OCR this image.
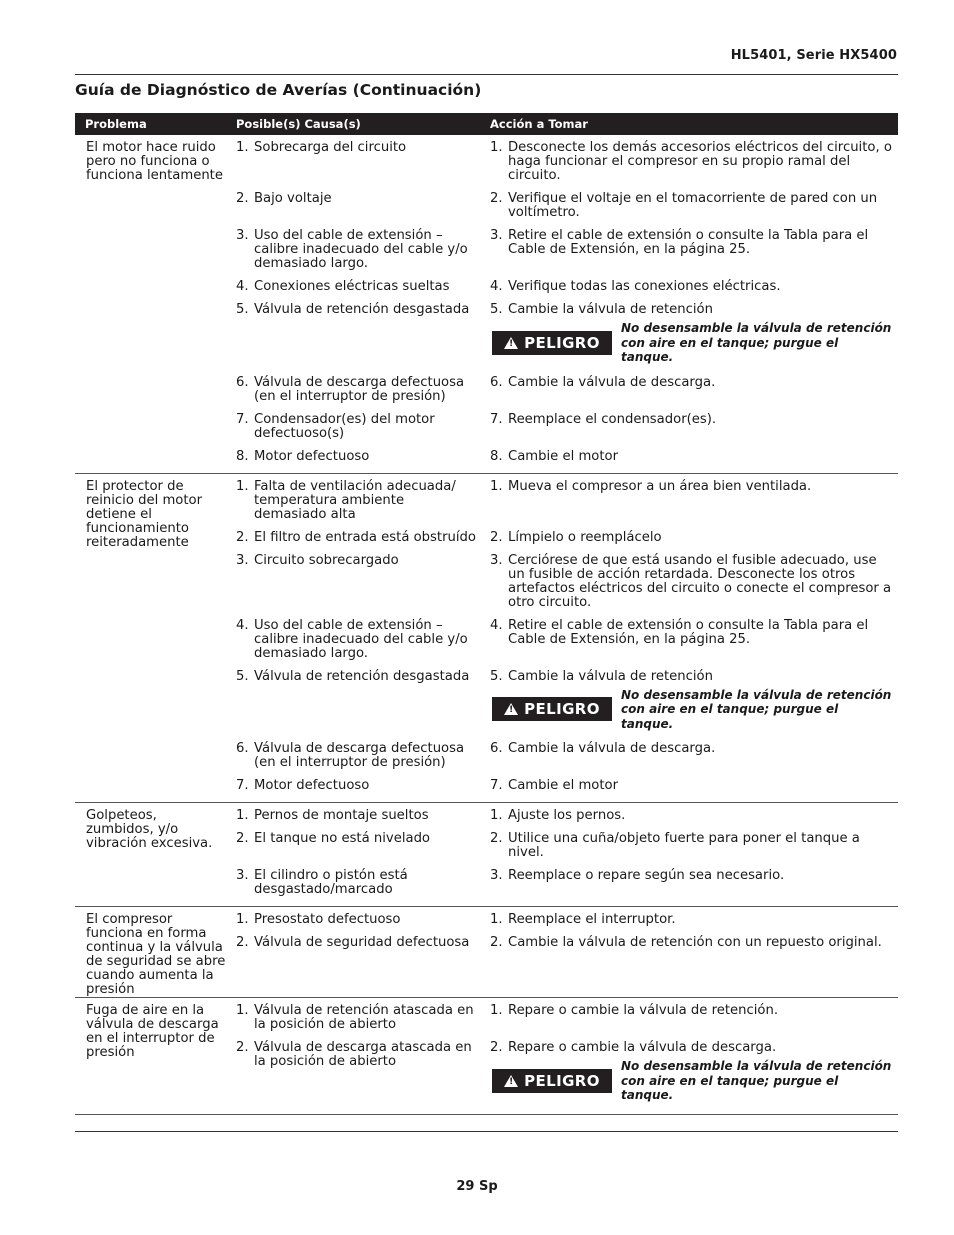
HL5401, Serie HX5400
Guía de Diagnóstico de Averías (Continuación)
Problema	Posible(s) Causa(s)	Acción a Tomar
El motor hace ruido pero no funciona o funciona lentamente
1. Sobrecarga del circuito	1. Desconecte los demás accesorios eléctricos del circuito, o haga funcionar el compresor en su propio ramal del circuito.
2. Bajo voltaje	2. Verifique el voltaje en el tomacorriente de pared con un voltímetro.
3. Uso del cable de extensión – calibre inadecuado del cable y/o demasiado largo.
3. Retire el cable de extensión o consulte la Tabla para el Cable de Extensión, en la página 25.
4. Conexiones eléctricas sueltas	4. Verifique todas las conexiones eléctricas.
5. Válvula de retención desgastada	5. Cambie la válvula de retención
! PELIGRO
No desensamble la válvula de retención
con aire en el tanque; purgue el tanque.
6. Válvula de descarga defectuosa (en el interruptor de presión)
6. Cambie la válvula de descarga.
7. Condensador(es) del motor defectuoso(s)
7. Reemplace el condensador(es).
8. Motor defectuoso	8. Cambie el motor
El protector de reinicio del motor detiene el funcionamiento reiteradamente
1. Falta de ventilación adecuada/ temperatura ambiente demasiado alta
1. Mueva el compresor a un área bien ventilada.
2. El filtro de entrada está obstruído	2. Límpielo o reemplácelo
3. Circuito sobrecargado	3. Cerciórese de que está usando el fusible adecuado, use un fusible de acción retardada. Desconecte los otros artefactos eléctricos del circuito o conecte el compresor a otro circuito.
4. Uso del cable de extensión – calibre inadecuado del cable y/o demasiado largo.
4. Retire el cable de extensión o consulte la Tabla para el Cable de Extensión, en la página 25.
5. Válvula de retención desgastada	5. Cambie la válvula de retención
! PELIGRO
No desensamble la válvula de retención
con aire en el tanque; purgue el tanque.
6. Válvula de descarga defectuosa (en el interruptor de presión)
6. Cambie la válvula de descarga.
7. Motor defectuoso	7. Cambie el motor
Golpeteos, zumbidos, y/o vibración excesiva.
1. Pernos de montaje sueltos	1. Ajuste los pernos.
2. El tanque no está nivelado	2. Utilice una cuña/objeto fuerte para poner el tanque a nivel.
3. El cilindro o pistón está desgastado/marcado
3. Reemplace o repare según sea necesario.
El compresor funciona en forma continua y la válvula de seguridad se abre cuando aumenta la presión
1. Presostato defectuoso	1. Reemplace el interruptor.
2. Válvula de seguridad defectuosa	2. Cambie la válvula de retención con un repuesto original.
Fuga de aire en la válvula de descarga en el interruptor de presión
1. Válvula de retención atascada en la posición de abierto
1. Repare o cambie la válvula de retención.
2. Válvula de descarga atascada en la posición de abierto
2. Repare o cambie la válvula de descarga.
! PELIGRO
No desensamble la válvula de retención
con aire en el tanque; purgue el tanque.
29 Sp
